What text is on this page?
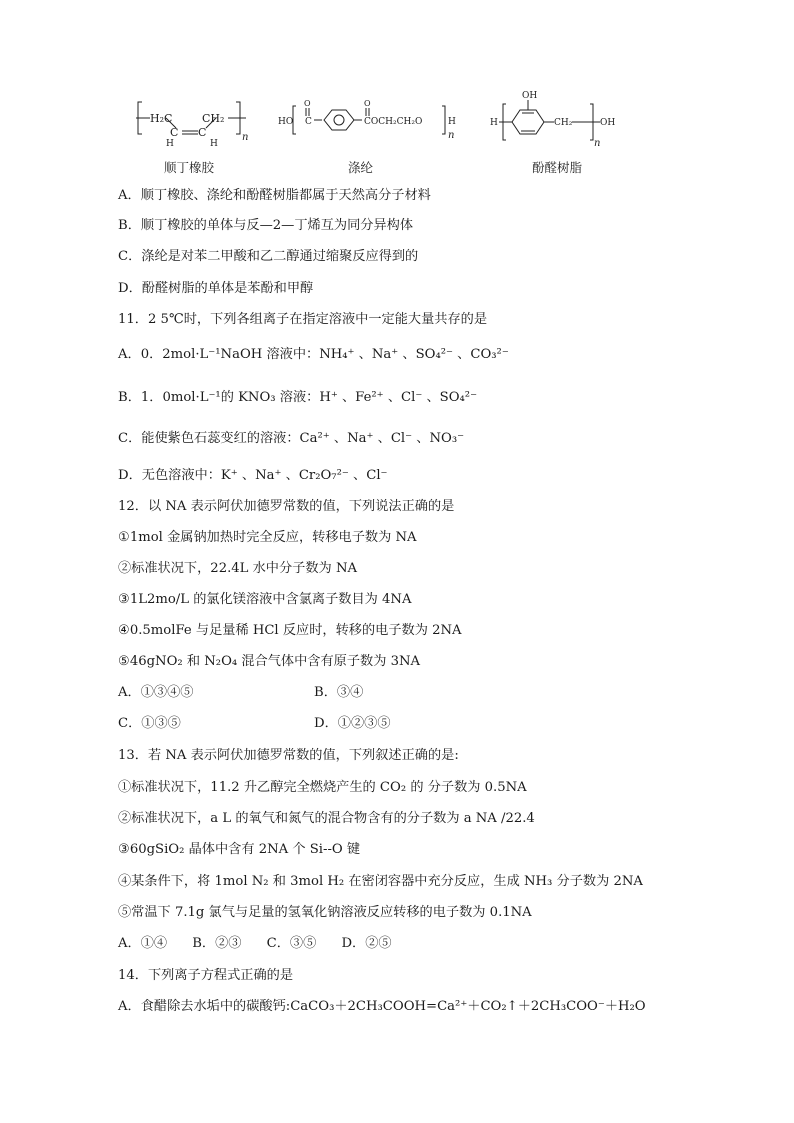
H₂C	CH₂
C C
H	H
n
顺丁橡胶
HO
O
C
O
COCH₂CH₂O	H
n
涤纶
OH
H	CH₂	OH
n
酚醛树脂
A．顺丁橡胶、涤纶和酚醛树脂都属于天然高分子材料
B．顺丁橡胶的单体与反—2—丁烯互为同分异构体
C．涤纶是对苯二甲酸和乙二醇通过缩聚反应得到的
D．酚醛树脂的单体是苯酚和甲醇
11．2 5℃时，下列各组离子在指定溶液中一定能大量共存的是
A．0．2mol·L⁻¹NaOH 溶液中：NH₄⁺ 、Na⁺ 、SO₄²⁻ 、CO₃²⁻
B．1．0mol·L⁻¹的 KNO₃ 溶液：H⁺ 、Fe²⁺ 、Cl⁻ 、SO₄²⁻
C．能使紫色石蕊变红的溶液：Ca²⁺ 、Na⁺ 、Cl⁻ 、NO₃⁻
D．无色溶液中：K⁺ 、Na⁺ 、Cr₂O₇²⁻ 、Cl⁻
12．以 NA 表示阿伏加德罗常数的值，下列说法正确的是
①1mol 金属钠加热时完全反应，转移电子数为 NA
②标准状况下，22.4L 水中分子数为 NA
③1L2mo/L 的氯化镁溶液中含氯离子数目为 4NA
④0.5molFe 与足量稀 HCl 反应时，转移的电子数为 2NA
⑤46gNO₂ 和 N₂O₄ 混合气体中含有原子数为 3NA
A．①③④⑤	B．③④
C．①③⑤	D．①②③⑤
13．若 NA 表示阿伏加德罗常数的值，下列叙述正确的是:
①标准状况下，11.2 升乙醇完全燃烧产生的 CO₂ 的 分子数为 0.5NA
②标准状况下，a L 的氧气和氮气的混合物含有的分子数为 a NA /22.4
③60gSiO₂ 晶体中含有 2NA 个 Si--O 键
④某条件下，将 1mol N₂ 和 3mol H₂ 在密闭容器中充分反应，生成 NH₃ 分子数为 2NA
⑤常温下 7.1g 氯气与足量的氢氧化钠溶液反应转移的电子数为 0.1NA
A．①④      B．②③      C．③⑤      D．②⑤
14．下列离子方程式正确的是
A．食醋除去水垢中的碳酸钙:CaCO₃＋2CH₃COOH=Ca²⁺＋CO₂↑＋2CH₃COO⁻＋H₂O
